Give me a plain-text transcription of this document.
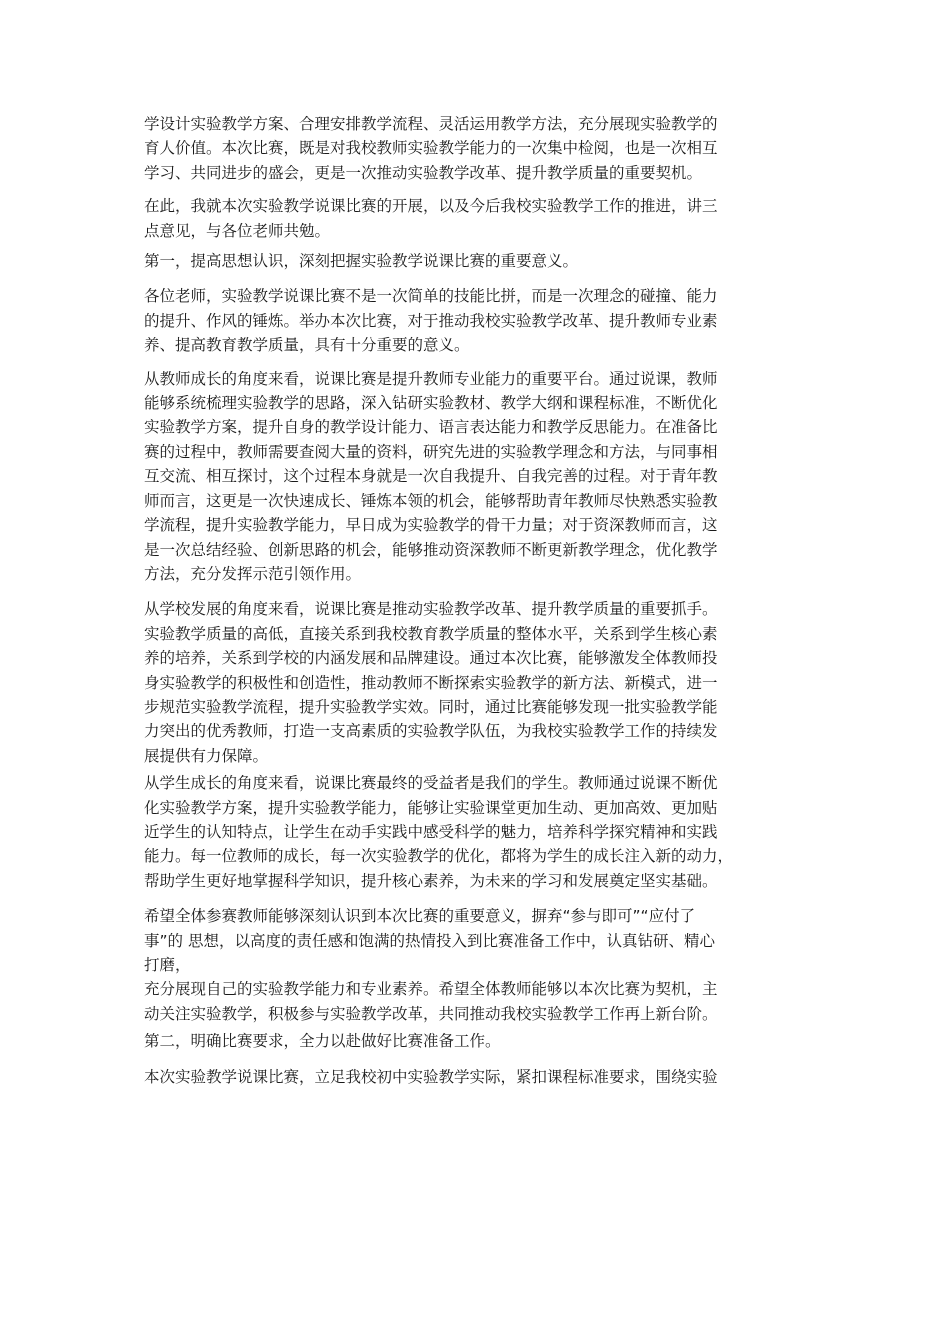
学设计实验教学方案、合理安排教学流程、灵活运用教学方法，充分展现实验教学的
育人价值。本次比赛，既是对我校教师实验教学能力的一次集中检阅，也是一次相互
学习、共同进步的盛会，更是一次推动实验教学改革、提升教学质量的重要契机。

在此，我就本次实验教学说课比赛的开展，以及今后我校实验教学工作的推进，讲三
点意见，与各位老师共勉。

第一，提高思想认识，深刻把握实验教学说课比赛的重要意义。

各位老师，实验教学说课比赛不是一次简单的技能比拼，而是一次理念的碰撞、能力
的提升、作风的锤炼。举办本次比赛，对于推动我校实验教学改革、提升教师专业素
养、提高教育教学质量，具有十分重要的意义。

从教师成长的角度来看，说课比赛是提升教师专业能力的重要平台。通过说课，教师
能够系统梳理实验教学的思路，深入钻研实验教材、教学大纲和课程标准，不断优化
实验教学方案，提升自身的教学设计能力、语言表达能力和教学反思能力。在准备比
赛的过程中，教师需要查阅大量的资料，研究先进的实验教学理念和方法，与同事相
互交流、相互探讨，这个过程本身就是一次自我提升、自我完善的过程。对于青年教
师而言，这更是一次快速成长、锤炼本领的机会，能够帮助青年教师尽快熟悉实验教
学流程，提升实验教学能力，早日成为实验教学的骨干力量；对于资深教师而言，这
是一次总结经验、创新思路的机会，能够推动资深教师不断更新教学理念，优化教学
方法，充分发挥示范引领作用。

从学校发展的角度来看，说课比赛是推动实验教学改革、提升教学质量的重要抓手。
实验教学质量的高低，直接关系到我校教育教学质量的整体水平，关系到学生核心素
养的培养，关系到学校的内涵发展和品牌建设。通过本次比赛，能够激发全体教师投
身实验教学的积极性和创造性，推动教师不断探索实验教学的新方法、新模式，进一
步规范实验教学流程，提升实验教学实效。同时，通过比赛能够发现一批实验教学能
力突出的优秀教师，打造一支高素质的实验教学队伍，为我校实验教学工作的持续发
展提供有力保障。

从学生成长的角度来看，说课比赛最终的受益者是我们的学生。教师通过说课不断优
化实验教学方案，提升实验教学能力，能够让实验课堂更加生动、更加高效、更加贴
近学生的认知特点，让学生在动手实践中感受科学的魅力，培养科学探究精神和实践
能力。每一位教师的成长，每一次实验教学的优化，都将为学生的成长注入新的动力，
帮助学生更好地掌握科学知识，提升核心素养，为未来的学习和发展奠定坚实基础。

希望全体参赛教师能够深刻认识到本次比赛的重要意义，摒弃“参与即可”“应付了
事”的 思想，以高度的责任感和饱满的热情投入到比赛准备工作中，认真钻研、精心
打磨，
充分展现自己的实验教学能力和专业素养。希望全体教师能够以本次比赛为契机，主
动关注实验教学，积极参与实验教学改革，共同推动我校实验教学工作再上新台阶。

第二，明确比赛要求，全力以赴做好比赛准备工作。

本次实验教学说课比赛，立足我校初中实验教学实际，紧扣课程标准要求，围绕实验
